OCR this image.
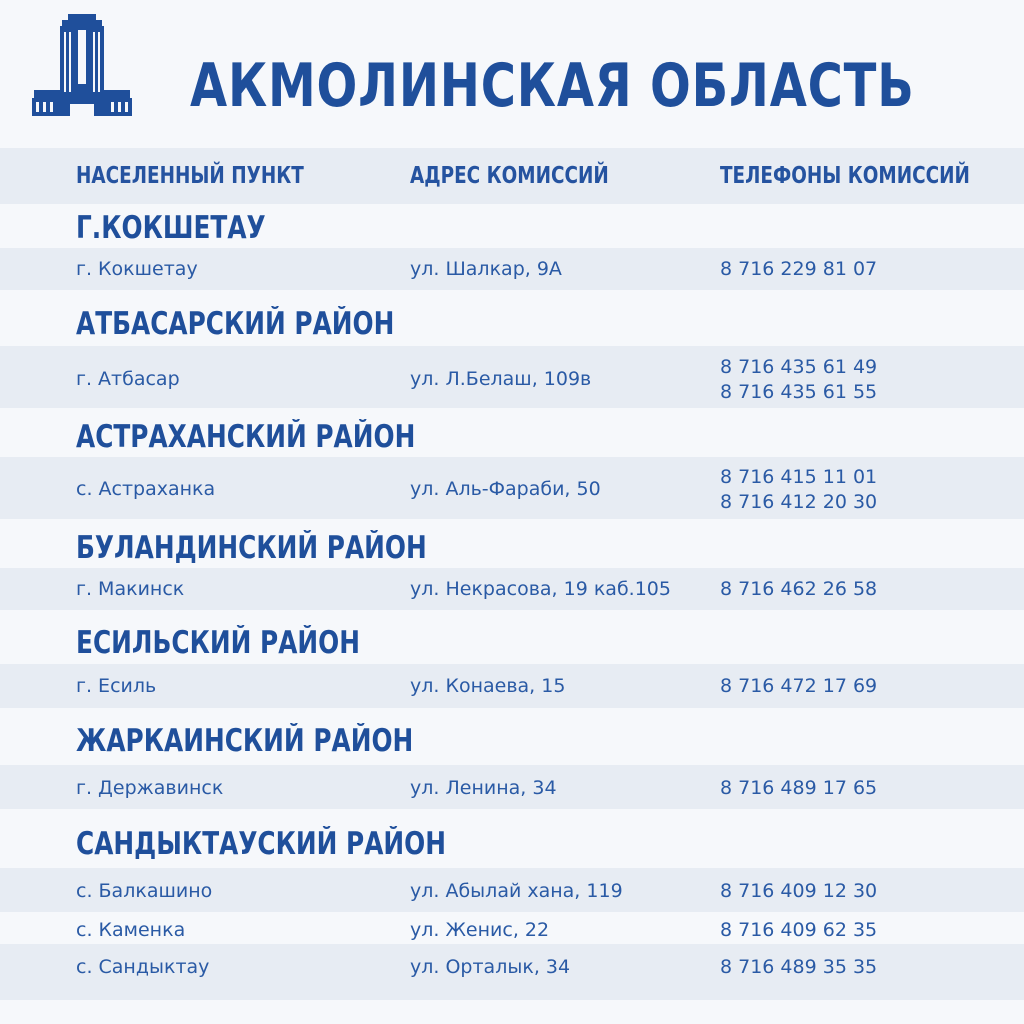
АКМОЛИНСКАЯ ОБЛАСТЬ
НАСЕЛЕННЫЙ ПУНКТ	АДРЕС КОМИССИЙ	ТЕЛЕФОНЫ КОМИССИЙ
Г.КОКШЕТАУ
г. Кокшетау	ул. Шалкар, 9А	8 716 229 81 07
АТБАСАРСКИЙ РАЙОН
г. Атбасар	ул. Л.Белаш, 109в
8 716 435 61 49
8 716 435 61 55
АСТРАХАНСКИЙ РАЙОН
с. Астраханка	ул. Аль-Фараби, 50
8 716 415 11 01
8 716 412 20 30
БУЛАНДИНСКИЙ РАЙОН
г. Макинск	ул. Некрасова, 19 каб.105	8 716 462 26 58
ЕСИЛЬСКИЙ РАЙОН
г. Есиль	ул. Конаева, 15	8 716 472 17 69
ЖАРКАИНСКИЙ РАЙОН
г. Державинск	ул. Ленина, 34	8 716 489 17 65
САНДЫКТАУСКИЙ РАЙОН
с. Балкашино	ул. Абылай хана, 119	8 716 409 12 30
с. Каменка	ул. Женис, 22	8 716 409 62 35
с. Сандыктау	ул. Орталык, 34	8 716 489 35 35
